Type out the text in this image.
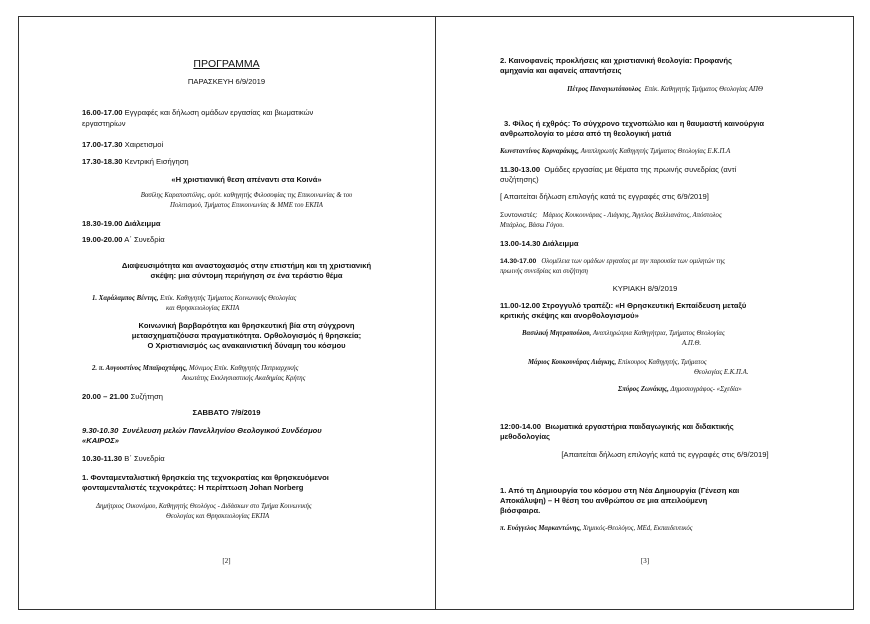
ΠΡΟΓΡΑΜΜΑ
ΠΑΡΑΣΚΕΥΗ 6/9/2019
16.00-17.00 Εγγραφές και δήλωση ομάδων εργασίας και βιωματικών
εργαστηρίων
17.00-17.30 Χαιρετισμοί
17.30-18.30 Κεντρική Εισήγηση
«Η χριστιανική θεση απέναντι στα Κοινά»
Βασίλης Καραποστόλης, ομότ. καθηγητής Φιλοσοφίας της Επικοινωνίας & του
Πολιτισμού, Τμήματος Επικοινωνίας & ΜΜΕ του ΕΚΠΑ
18.30-19.00 Διάλειμμα
19.00-20.00 Α΄ Συνεδρία
Διαψευσιμότητα και αναστοχασμός στην επιστήμη και τη χριστιανική
σκέψη: μια σύντομη περιήγηση σε ένα τεράστιο θέμα
1. Χαράλαμπος Βέντης, Επίκ. Καθηγητής Τμήματος Κοινωνικής Θεολογίας
και Θρησκειολογίας ΕΚΠΑ
Κοινωνική βαρβαρότητα και θρησκευτική βία στη σύγχρονη
μετασχηματιζόυσα πραγματικότητα. Ορθολογισμός ή θρησκεία;
Ο Χριστιανισμός ως ανακαινιστική δύναμη του κόσμου
2. π. Αυγουστίνος Μπαϊραχτάρης, Μόνιμος Επίκ. Καθηγητής Πατριαρχικής
Αυωτάτης Εκκλησιαστικής Ακαδημίας Κρήτης
20.00 – 21.00 Συζήτηση
ΣΑΒΒΑΤΟ 7/9/2019
9.30-10.30 Συνέλευση μελών Πανελληνίου Θεολογικού Συνδέσμου
«ΚΑΙΡΟΣ»
10.30-11.30 Β΄ Συνεδρία
1. Φονταμενταλιστική θρησκεία της τεχνοκρατίας και θρησκευόμενοι
φονταμενταλιστές τεχνοκράτες: Η περίπτωση Johan Norberg
Δημήτριος Οικονόμου, Καθηγητής Θεολόγος - Διδάσκων στο Τμήμα Κοινωνικής
Θεολογίας και Θρησκειολογίας ΕΚΠΑ
[2]
2. Καινοφανείς προκλήσεις και χριστιανική θεολογία: Προφανής
αμηχανία και αφανείς απαντήσεις
Πέτρος Παναγιωτόπουλος Επίκ. Καθηγητής Τμήματος Θεολογίας ΑΠΘ
3. Φίλος ή εχθρός: Το σύγχρονο τεχνοπώλιο και η θαυμαστή καινούργια
ανθρωπολογία το μέσα από τη θεολογική ματιά
Κωνσταντίνος Κορναράκης, Αναπληρωτής Καθηγητής Τμήματος Θεολογίας Ε.Κ.Π.Α
11.30-13.00 Ομάδες εργασίας με θέματα της πρωινής συνεδρίας (αντί
συζήτησης)
[ Απαιτείται δήλωση επιλογής κατά τις εγγραφές στις 6/9/2019]
Συντονιστές: Μάριος Κουκουνάρας - Λιάγκης, Άγγελος Βαλλιανάτος, Απόστολος
Μπάρλος, Βάσω Γόγου.
13.00-14.30 Διάλειμμα
14.30-17.00 Ολομέλεια των ομάδων εργασίας με την παρουσία των ομιλητών της
πρωινής συνεδρίας και συζήτηση
ΚΥΡΙΑΚΗ 8/9/2019
11.00-12.00 Στρογγυλό τραπέζι: «Η Θρησκευτική Εκπαίδευση μεταξύ
κριτικής σκέψης και ανορθολογισμού»
Βασιλική Μητροπούλου, Αναπληρώτρια Καθηγήτρια, Τμήματος Θεολογίας
Α.Π.Θ.
Μάριος Κουκουνάρας Λιάγκης, Επίκουρος Καθηγητής, Τμήματος
Θεολογίας Ε.Κ.Π.Α.
Σπύρος Ζωνάκης, Δημοσιογράφος- «Σχεδία»
12:00-14.00 Βιωματικά εργαστήρια παιδαγωγικής και διδακτικής
μεθοδολογίας
[Απαιτείται δήλωση επιλογής κατά τις εγγραφές στις 6/9/2019]
1. Από τη Δημιουργία του κόσμου στη Νέα Δημιουργία (Γένεση και
Αποκάλυψη) – Η θέση του ανθρώπου σε μια απειλούμενη
βιόσφαιρα.
π. Ευάγγελος Μαρκαντώνης, Χημικός-Θεολόγος, MEd, Εκπαιδευτικός
[3]
